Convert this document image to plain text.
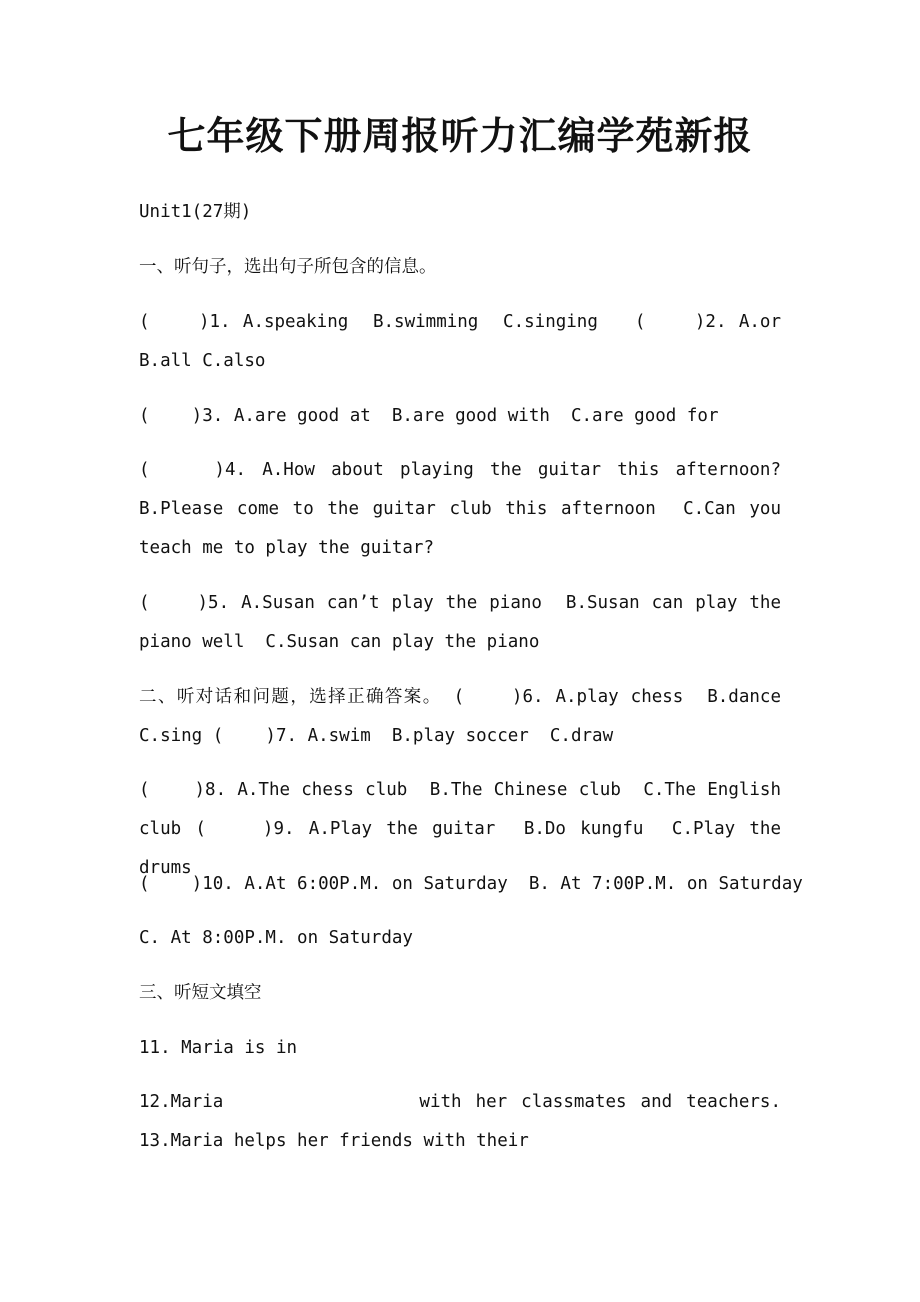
七年级下册周报听力汇编学苑新报
Unit1(27期)
一、听句子，选出句子所包含的信息。
(    )1. A.speaking  B.swimming  C.singing   (    )2. A.or  B.all C.also
(    )3. A.are good at  B.are good with  C.are good for
(    )4. A.How about playing the guitar this afternoon? B.Please come to the guitar club this afternoon  C.Can you teach me to play the guitar?
(    )5. A.Susan can’t play the piano  B.Susan can play the piano well  C.Susan can play the piano
二、听对话和问题，选择正确答案。 (    )6. A.play chess  B.dance C.sing (    )7. A.swim  B.play soccer  C.draw
(    )8. A.The chess club  B.The Chinese club  C.The English club (    )9. A.Play the guitar  B.Do kungfu  C.Play the drums
(    )10. A.At 6:00P.M. on Saturday  B. At 7:00P.M. on Saturday
C. At 8:00P.M. on Saturday
三、听短文填空
11. Maria is in
12.Maria              with her classmates and teachers. 13.Maria helps her friends with their
